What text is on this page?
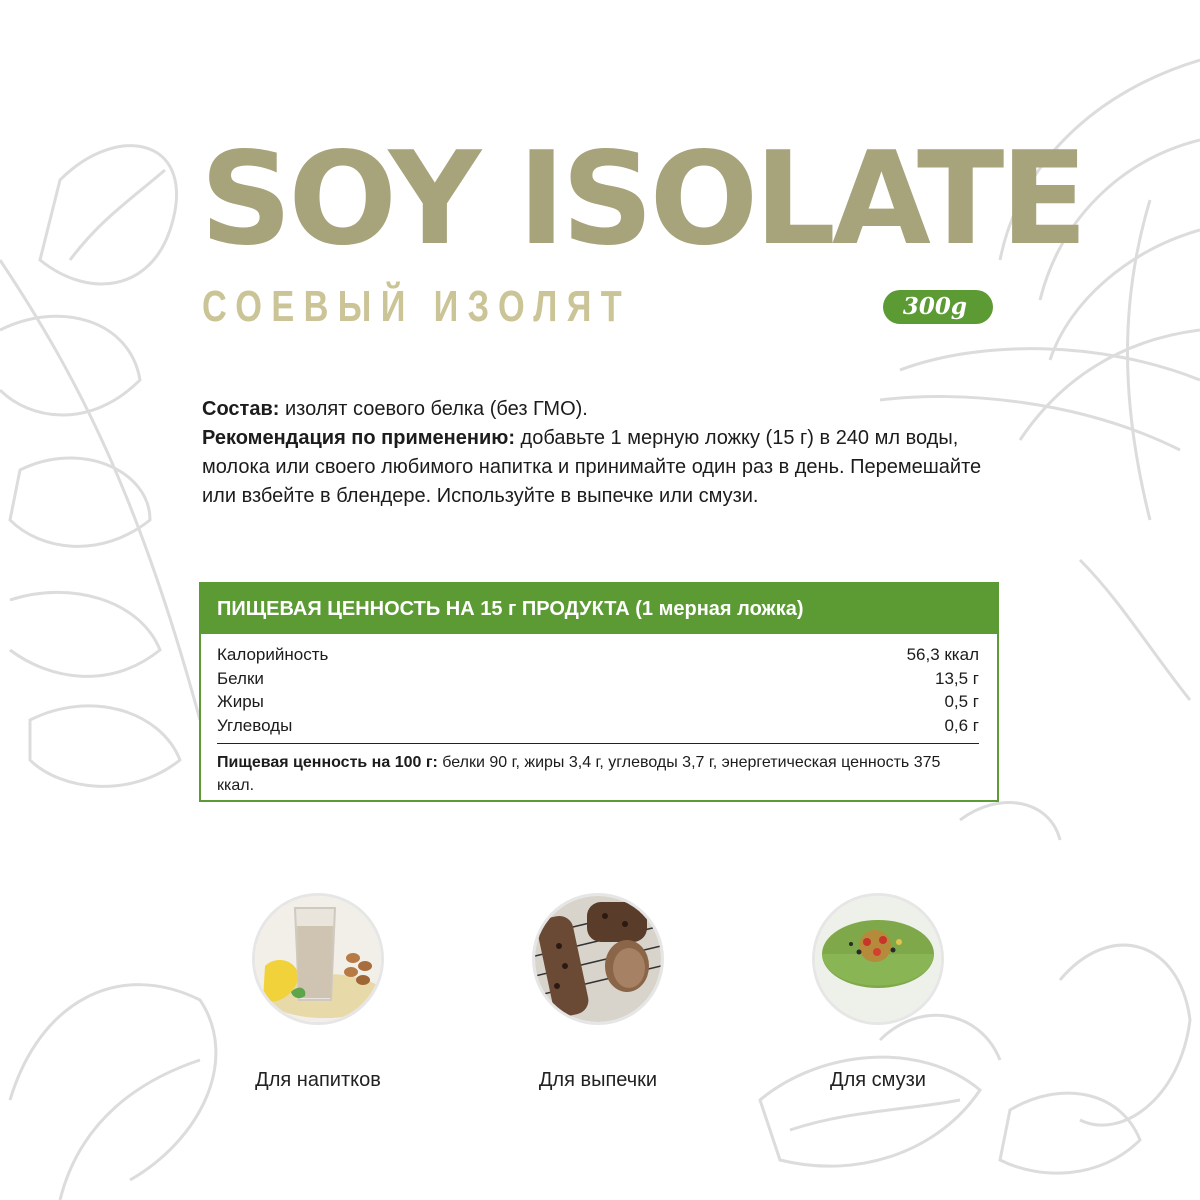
SOY ISOLATE
СОЕВЫЙ ИЗОЛЯТ	300g
Состав: изолят соевого белка (без ГМО).
Рекомендация по применению: добавьте 1 мерную ложку (15 г) в 240 мл воды, молока или своего любимого напитка и принимайте один раз в день. Перемешайте или взбейте в блендере. Используйте в выпечке или смузи.
ПИЩЕВАЯ ЦЕННОСТЬ НА 15 г ПРОДУКТА (1 мерная ложка)
Калорийность	56,3 ккал
Белки	13,5 г
Жиры	0,5 г
Углеводы	0,6 г
Пищевая ценность на 100 г: белки 90 г, жиры 3,4 г, углеводы 3,7 г, энергетическая ценность 375 ккал.
Для напитков	Для выпечки	Для смузи
